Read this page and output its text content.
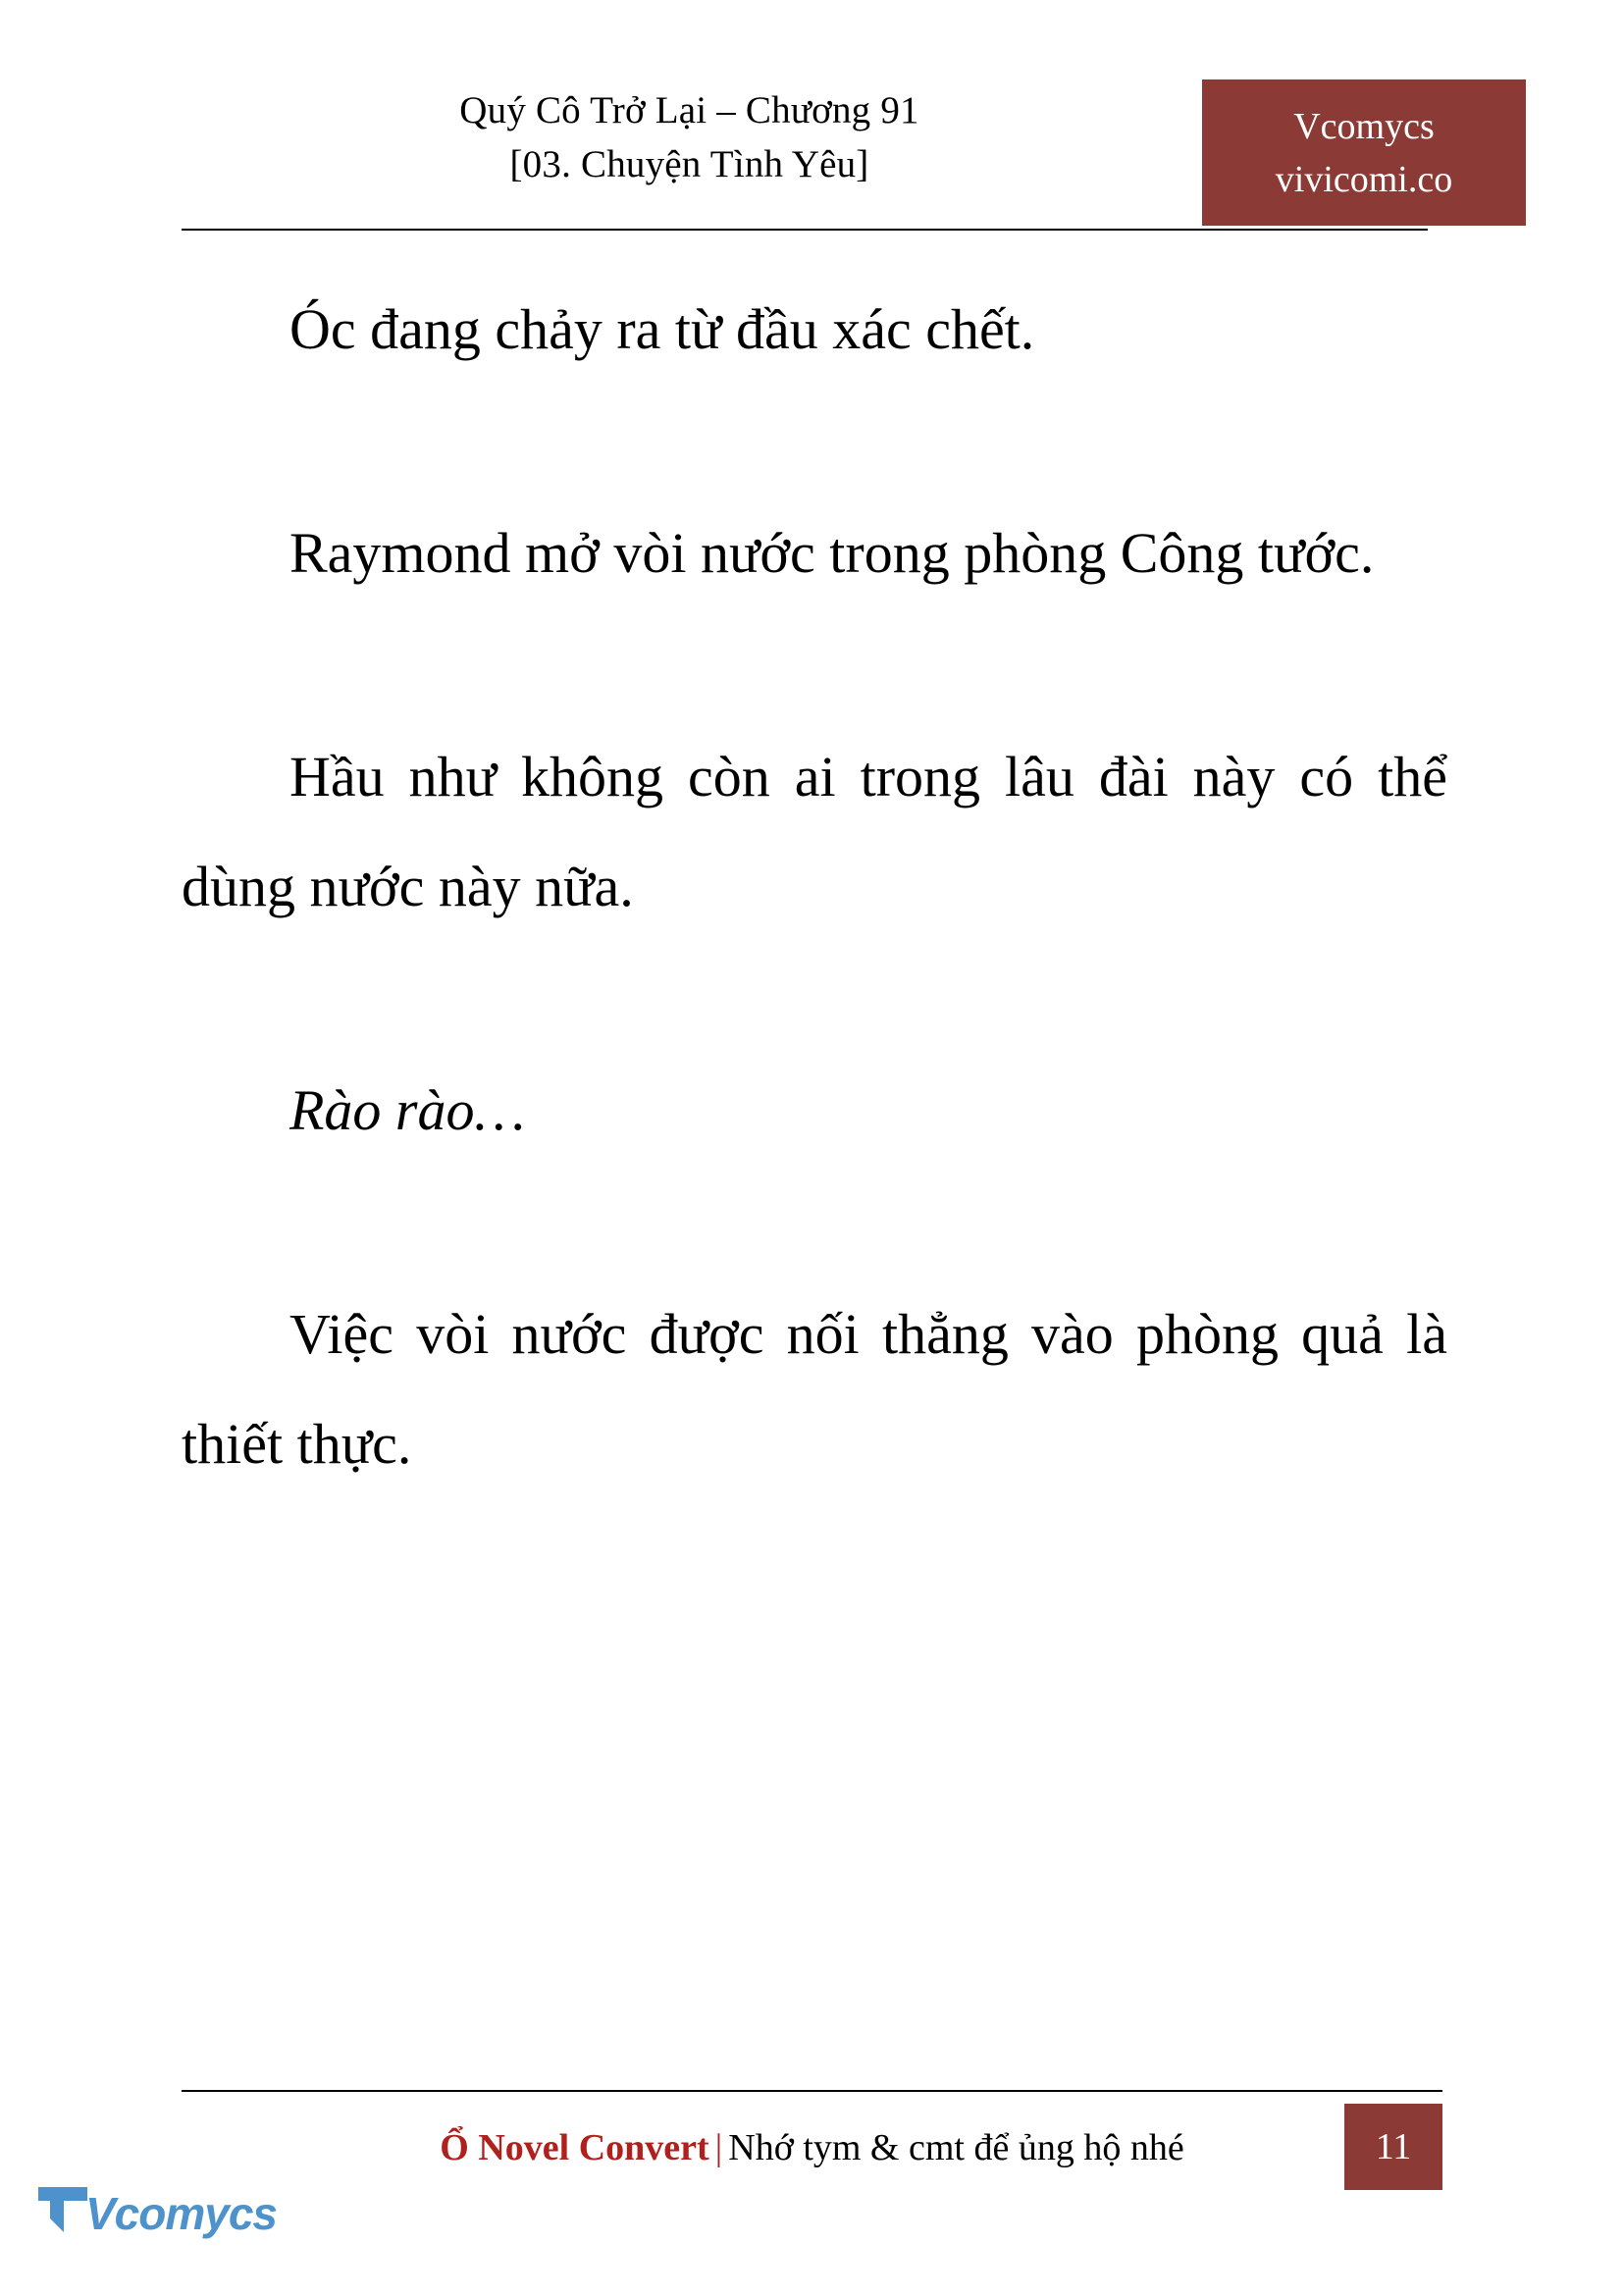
Quý Cô Trở Lại – Chương 91
[03. Chuyện Tình Yêu]
Vcomycs
vivicomi.co

Óc đang chảy ra từ đầu xác chết.

Raymond mở vòi nước trong phòng Công tước.

Hầu như không còn ai trong lâu đài này có thể dùng nước này nữa.

Rào rào…

Việc vòi nước được nối thẳng vào phòng quả là thiết thực.

Ổ Novel Convert | Nhớ tym & cmt để ủng hộ nhé	11
Vcomycs
